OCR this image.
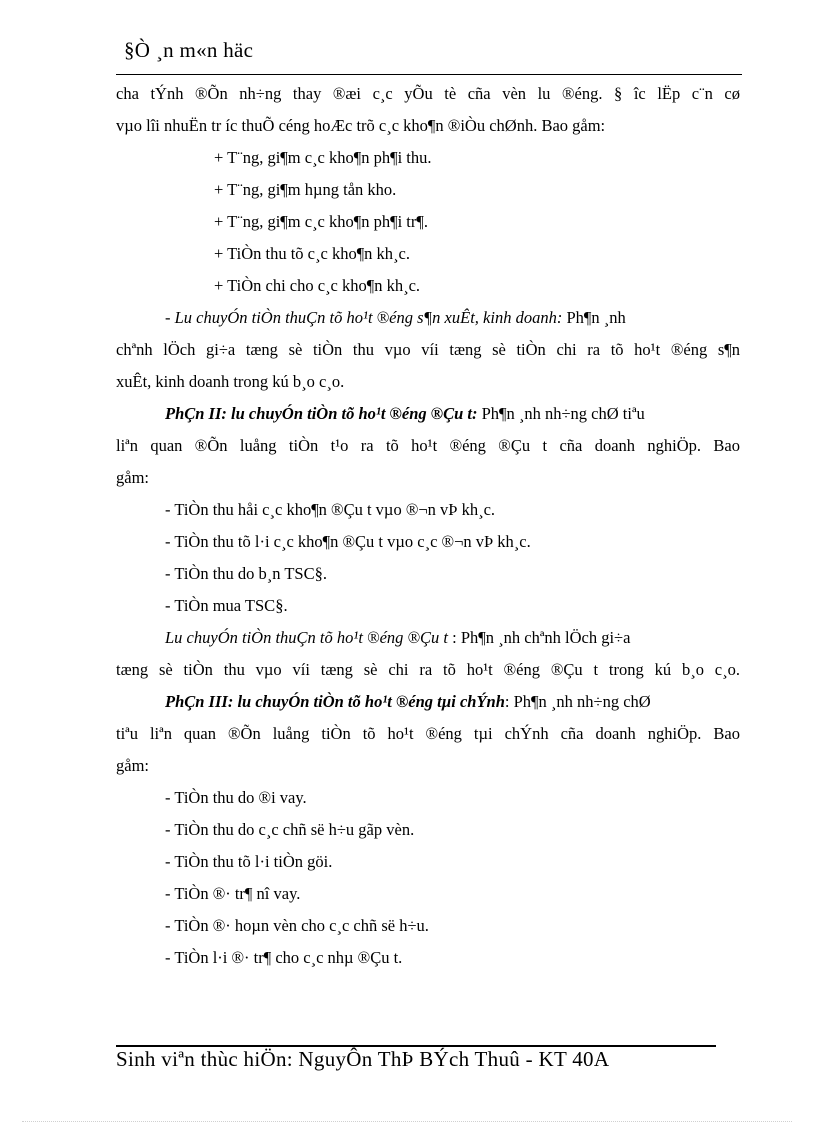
§Ò ¸n m«n häc
cha tÝnh ®Õn nh÷ng thay ®æi c¸c yÕu tè cña vèn lu ®éng. § îc lËp c¨n cø
vµo lîi nhuËn tr íc thuÕ céng hoÆc trõ c¸c kho¶n ®iÒu chØnh. Bao gåm:
+ T¨ng, gi¶m c¸c kho¶n ph¶i thu.
+ T¨ng, gi¶m hµng tån kho.
+ T¨ng, gi¶m c¸c kho¶n ph¶i tr¶.
+ TiÒn thu tõ c¸c kho¶n kh¸c.
+ TiÒn chi cho c¸c kho¶n kh¸c.
- Lu chuyÓn tiÒn thuÇn tõ ho¹t ®éng s¶n xuÊt, kinh doanh: Ph¶n ¸nh
chªnh lÖch gi÷a tæng sè tiÒn thu vµo víi tæng sè tiÒn chi ra tõ ho¹t ®éng s¶n
xuÊt, kinh doanh trong kú b¸o c¸o.
PhÇn II: lu chuyÓn tiÒn tõ ho¹t ®éng ®Çu t: Ph¶n ¸nh nh÷ng chØ tiªu
liªn quan ®Õn luång tiÒn t¹o ra tõ ho¹t ®éng ®Çu t cña doanh nghiÖp. Bao
gåm:
- TiÒn thu håi c¸c kho¶n ®Çu t vµo ®¬n vÞ kh¸c.
- TiÒn thu tõ l·i c¸c kho¶n ®Çu t vµo c¸c ®¬n vÞ kh¸c.
- TiÒn thu do b¸n TSC§.
- TiÒn mua TSC§.
Lu chuyÓn tiÒn thuÇn tõ ho¹t ®éng ®Çu t : Ph¶n ¸nh chªnh lÖch gi÷a
tæng sè tiÒn thu vµo víi tæng sè chi ra tõ ho¹t ®éng ®Çu t trong kú b¸o c¸o.
PhÇn III: lu chuyÓn tiÒn tõ ho¹t ®éng tµi chÝnh: Ph¶n ¸nh nh÷ng chØ
tiªu liªn quan ®Õn luång tiÒn tõ ho¹t ®éng tµi chÝnh cña doanh nghiÖp. Bao
gåm:
- TiÒn thu do ®i vay.
- TiÒn thu do c¸c chñ së h÷u gãp vèn.
- TiÒn thu tõ l·i tiÒn göi.
- TiÒn ®· tr¶ nî vay.
- TiÒn ®· hoµn vèn cho c¸c chñ së h÷u.
- TiÒn l·i ®· tr¶ cho c¸c nhµ ®Çu t.
Sinh viªn thùc hiÖn: NguyÔn ThÞ BÝch Thuû - KT 40A
